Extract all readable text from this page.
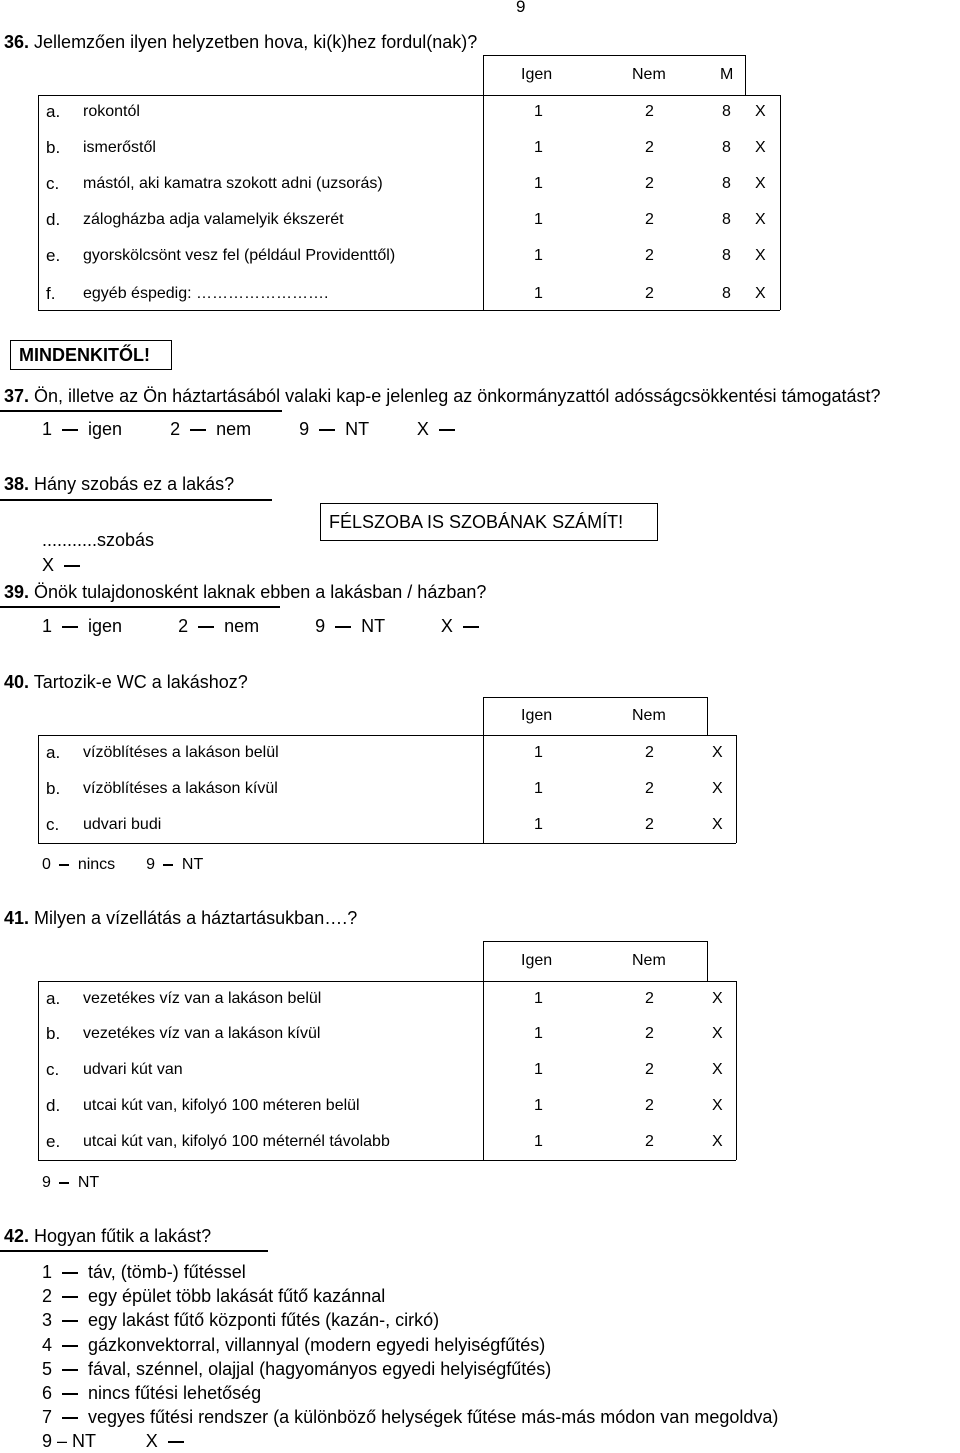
9
36. Jellemzően ilyen helyzetben hova, ki(k)hez fordul(nak)?
Igen	Nem	M
a. rokontól	1	2	8 X
b. ismerőstől	1	2	8 X
c. mástól, aki kamatra szokott adni (uzsorás)	1	2	8 X
d. zálogházba adja valamelyik ékszerét	1	2	8 X
e. gyorskölcsönt vesz fel (például Providenttől)	1	2	8 X
f. egyéb éspedig: …………………….	1	2	8 X
MINDENKITŐL!
37. Ön, illetve az Ön háztartásából valaki kap-e jelenleg az önkormányzattól adósságcsökkentési támogatást?
1 igen	2 nem	9 NT	X
38. Hány szobás ez a lakás?
FÉLSZOBA IS SZOBÁNAK SZÁMÍT!
...........szobás
X
39. Önök tulajdonosként laknak ebben a lakásban / házban?
1 igen	2 nem	9 NT	X
40. Tartozik-e WC a lakáshoz?
Igen	Nem
a. vízöblítéses a lakáson belül	1	2	X
b. vízöblítéses a lakáson kívül	1	2	X
c. udvari budi	1	2	X
0 nincs 9 NT
41. Milyen a vízellátás a háztartásukban….?
Igen	Nem
a. vezetékes víz van a lakáson belül	1	2	X
b. vezetékes víz van a lakáson kívül	1	2	X
c. udvari kút van	1	2	X
d. utcai kút van, kifolyó 100 méteren belül	1	2	X
e. utcai kút van, kifolyó 100 méternél távolabb	1	2	X
9 NT
42. Hogyan fűtik a lakást?
1 táv, (tömb-) fűtéssel
2 egy épület több lakását fűtő kazánnal
3 egy lakást fűtő központi fűtés (kazán-, cirkó)
4 gázkonvektorral, villannyal (modern egyedi helyiségfűtés)
5 fával, szénnel, olajjal (hagyományos egyedi helyiségfűtés)
6 nincs fűtési lehetőség
7 vegyes fűtési rendszer (a különböző helységek fűtése más-más módon van megoldva)
9 – NT	X
